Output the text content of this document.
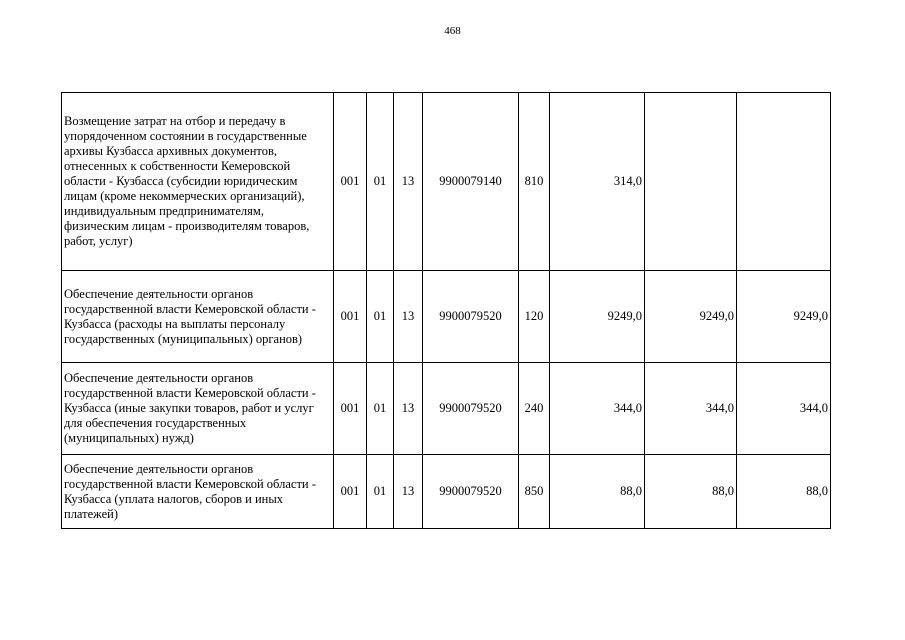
468
Возмещение затрат на отбор и передачу в упорядоченном состоянии в государственные архивы Кузбасса архивных документов, отнесенных к собственности Кемеровской области - Кузбасса (субсидии юридическим лицам (кроме некоммерческих организаций), индивидуальным предпринимателям, физическим лицам - производителям товаров, работ, услуг)	001	01	13	9900079140	810	314,0		
Обеспечение деятельности органов государственной власти Кемеровской области - Кузбасса (расходы на выплаты персоналу государственных (муниципальных) органов)	001	01	13	9900079520	120	9249,0	9249,0	9249,0
Обеспечение деятельности органов государственной власти Кемеровской области - Кузбасса (иные закупки товаров, работ и услуг для обеспечения государственных (муниципальных) нужд)	001	01	13	9900079520	240	344,0	344,0	344,0
Обеспечение деятельности органов государственной власти Кемеровской области - Кузбасса (уплата налогов, сборов и иных платежей)	001	01	13	9900079520	850	88,0	88,0	88,0
